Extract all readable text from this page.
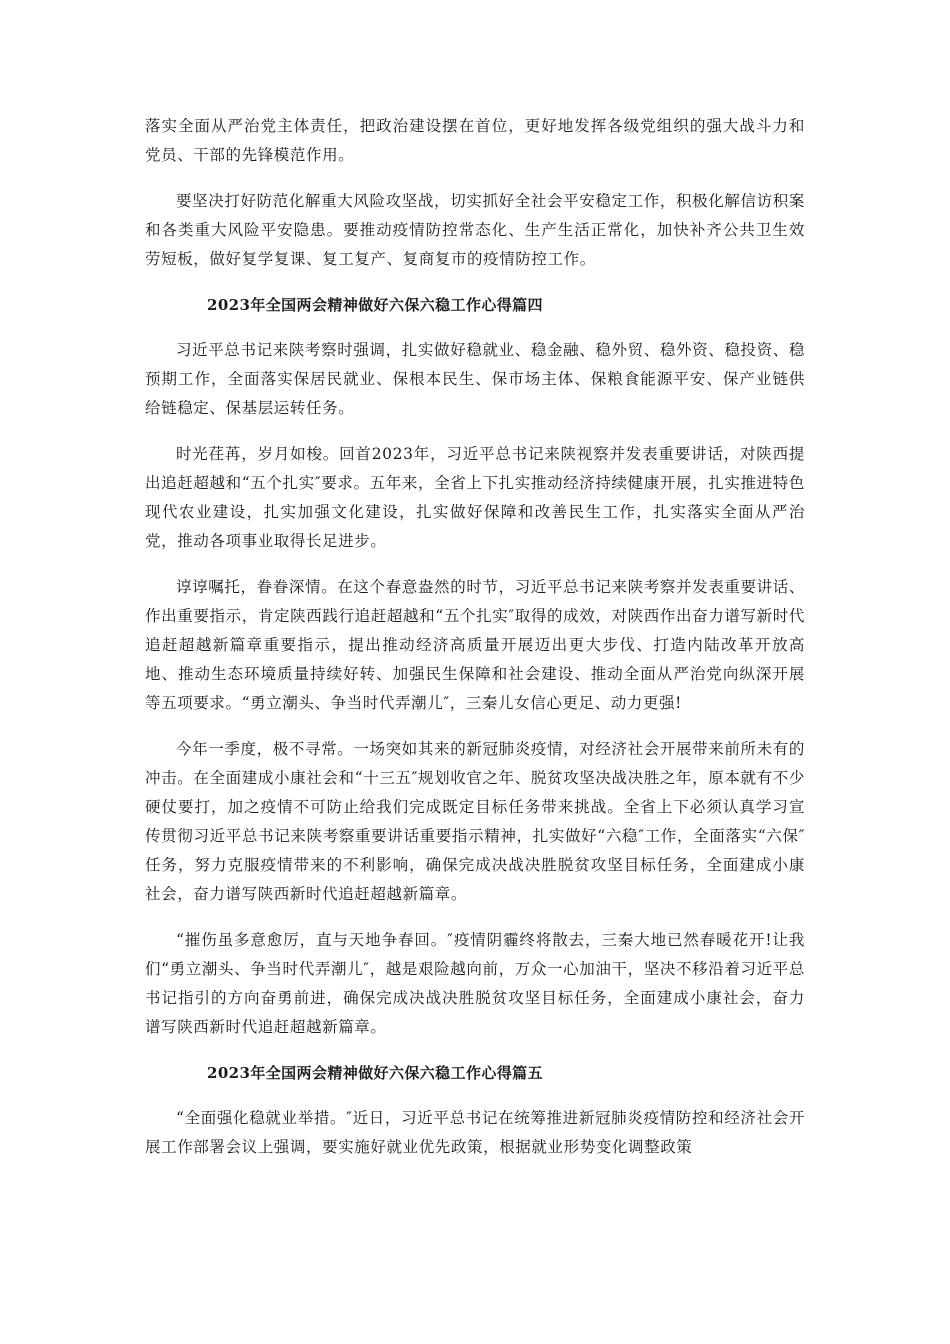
落实全面从严治党主体责任，把政治建设摆在首位，更好地发挥各级党组织的强大战斗力和党员、干部的先锋模范作用。

要坚决打好防范化解重大风险攻坚战，切实抓好全社会平安稳定工作，积极化解信访积案和各类重大风险平安隐患。要推动疫情防控常态化、生产生活正常化，加快补齐公共卫生效劳短板，做好复学复课、复工复产、复商复市的疫情防控工作。

2023年全国两会精神做好六保六稳工作心得篇四

习近平总书记来陕考察时强调，扎实做好稳就业、稳金融、稳外贸、稳外资、稳投资、稳预期工作，全面落实保居民就业、保根本民生、保市场主体、保粮食能源平安、保产业链供给链稳定、保基层运转任务。

时光荏苒，岁月如梭。回首2023年，习近平总书记来陕视察并发表重要讲话，对陕西提出追赶超越和“五个扎实″要求。五年来，全省上下扎实推动经济持续健康开展，扎实推进特色现代农业建设，扎实加强文化建设，扎实做好保障和改善民生工作，扎实落实全面从严治党，推动各项事业取得长足进步。

谆谆嘱托，眷眷深情。在这个春意盎然的时节，习近平总书记来陕考察并发表重要讲话、作出重要指示，肯定陕西践行追赶超越和“五个扎实″取得的成效，对陕西作出奋力谱写新时代追赶超越新篇章重要指示，提出推动经济高质量开展迈出更大步伐、打造内陆改革开放高地、推动生态环境质量持续好转、加强民生保障和社会建设、推动全面从严治党向纵深开展等五项要求。“勇立潮头、争当时代弄潮儿″，三秦儿女信心更足、动力更强!

今年一季度，极不寻常。一场突如其来的新冠肺炎疫情，对经济社会开展带来前所未有的冲击。在全面建成小康社会和“十三五″规划收官之年、脱贫攻坚决战决胜之年，原本就有不少硬仗要打，加之疫情不可防止给我们完成既定目标任务带来挑战。全省上下必须认真学习宣传贯彻习近平总书记来陕考察重要讲话重要指示精神，扎实做好“六稳″工作，全面落实“六保″任务，努力克服疫情带来的不利影响，确保完成决战决胜脱贫攻坚目标任务，全面建成小康社会，奋力谱写陕西新时代追赶超越新篇章。

“摧伤虽多意愈厉，直与天地争春回。″疫情阴霾终将散去，三秦大地已然春暖花开!让我们“勇立潮头、争当时代弄潮儿″，越是艰险越向前，万众一心加油干，坚决不移沿着习近平总书记指引的方向奋勇前进，确保完成决战决胜脱贫攻坚目标任务，全面建成小康社会，奋力谱写陕西新时代追赶超越新篇章。

2023年全国两会精神做好六保六稳工作心得篇五

“全面强化稳就业举措。″近日，习近平总书记在统筹推进新冠肺炎疫情防控和经济社会开展工作部署会议上强调，要实施好就业优先政策，根据就业形势变化调整政策
